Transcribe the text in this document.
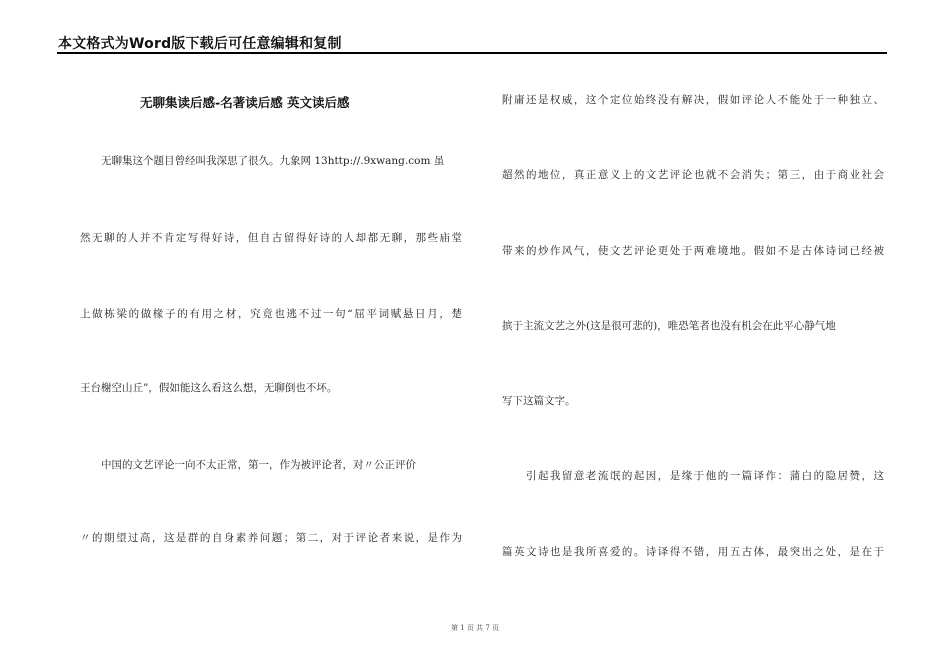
本文格式为Word版下载后可任意编辑和复制
无聊集读后感-名著读后感 英文读后感
　　无聊集这个题目曾经叫我深思了很久。九象网 13http://.9xwang.com 虽
然无聊的人并不肯定写得好诗，但自古留得好诗的人却都无聊，那些庙堂
上做栋梁的做椽子的有用之材，究竟也逃不过一句“屈平词赋悬日月，楚
王台榭空山丘”，假如能这么看这么想，无聊倒也不坏。
　　中国的文艺评论一向不太正常，第一，作为被评论者，对〃公正评价
〃的期望过高，这是群的自身素养问题；第二，对于评论者来说，是作为
附庸还是权威，这个定位始终没有解决，假如评论人不能处于一种独立、
超然的地位，真正意义上的文艺评论也就不会消失；第三，由于商业社会
带来的炒作风气，使文艺评论更处于两难境地。假如不是古体诗词已经被
摈于主流文艺之外(这是很可悲的)，唯恐笔者也没有机会在此平心静气地
写下这篇文字。
　　引起我留意老流氓的起因，是缘于他的一篇译作：蒲白的隐居赞，这
篇英文诗也是我所喜爱的。诗译得不错，用五古体，最突出之处，是在于
第 1 页 共 7 页
